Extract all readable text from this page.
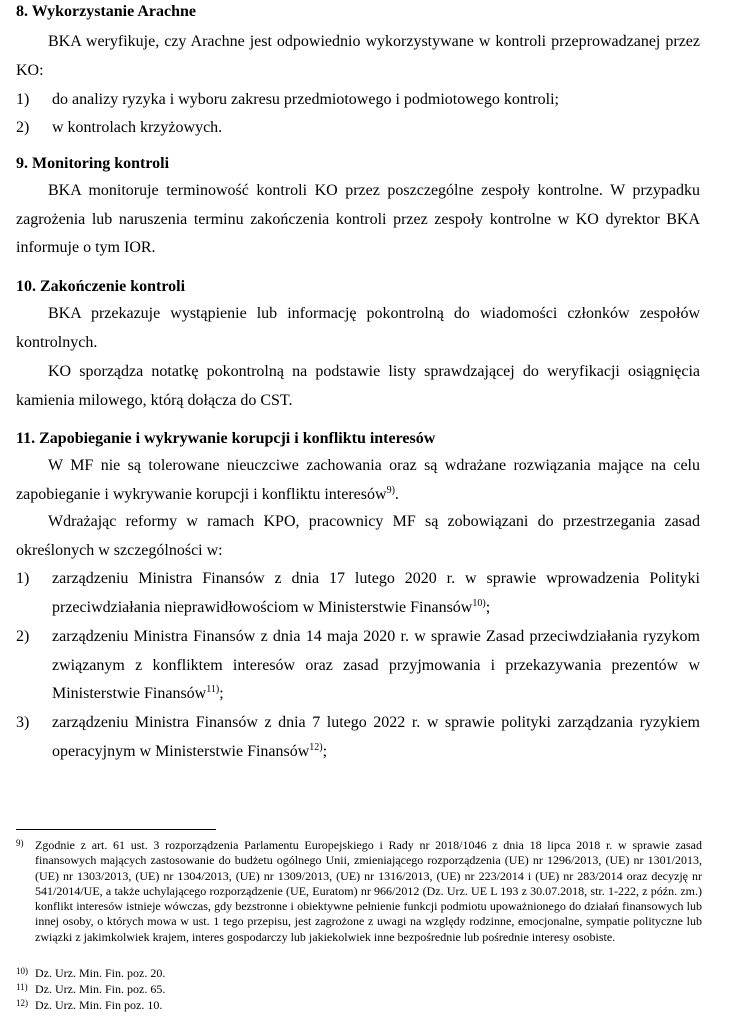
8. Wykorzystanie Arachne
BKA weryfikuje, czy Arachne jest odpowiednio wykorzystywane w kontroli przeprowadzanej przez KO:
1) do analizy ryzyka i wyboru zakresu przedmiotowego i podmiotowego kontroli;
2) w kontrolach krzyżowych.
9. Monitoring kontroli
BKA monitoruje terminowość kontroli KO przez poszczególne zespoły kontrolne. W przypadku zagrożenia lub naruszenia terminu zakończenia kontroli przez zespoły kontrolne w KO dyrektor BKA informuje o tym IOR.
10. Zakończenie kontroli
BKA przekazuje wystąpienie lub informację pokontrolną do wiadomości członków zespołów kontrolnych.
KO sporządza notatkę pokontrolną na podstawie listy sprawdzającej do weryfikacji osiągnięcia kamienia milowego, którą dołącza do CST.
11. Zapobieganie i wykrywanie korupcji i konfliktu interesów
W MF nie są tolerowane nieuczciwe zachowania oraz są wdrażane rozwiązania mające na celu zapobieganie i wykrywanie korupcji i konfliktu interesów$^{9)}$.
Wdrażając reformy w ramach KPO, pracownicy MF są zobowiązani do przestrzegania zasad określonych w szczególności w:
1) zarządzeniu Ministra Finansów z dnia 17 lutego 2020 r. w sprawie wprowadzenia Polityki przeciwdziałania nieprawidłowościom w Ministerstwie Finansów$^{10)}$;
2) zarządzeniu Ministra Finansów z dnia 14 maja 2020 r. w sprawie Zasad przeciwdziałania ryzykom związanym z konfliktem interesów oraz zasad przyjmowania i przekazywania prezentów w Ministerstwie Finansów$^{11)}$;
3) zarządzeniu Ministra Finansów z dnia 7 lutego 2022 r. w sprawie polityki zarządzania ryzykiem operacyjnym w Ministerstwie Finansów$^{12)}$;
9) Zgodnie z art. 61 ust. 3 rozporządzenia Parlamentu Europejskiego i Rady nr 2018/1046 z dnia 18 lipca 2018 r. w sprawie zasad finansowych mających zastosowanie do budżetu ogólnego Unii, zmieniającego rozporządzenia (UE) nr 1296/2013, (UE) nr 1301/2013, (UE) nr 1303/2013, (UE) nr 1304/2013, (UE) nr 1309/2013, (UE) nr 1316/2013, (UE) nr 223/2014 i (UE) nr 283/2014 oraz decyzję nr 541/2014/UE, a także uchylającego rozporządzenie (UE, Euratom) nr 966/2012 (Dz. Urz. UE L 193 z 30.07.2018, str. 1-222, z późn. zm.) konflikt interesów istnieje wówczas, gdy bezstronne i obiektywne pełnienie funkcji podmiotu upoważnionego do działań finansowych lub innej osoby, o których mowa w ust. 1 tego przepisu, jest zagrożone z uwagi na względy rodzinne, emocjonalne, sympatie polityczne lub związki z jakimkolwiek krajem, interes gospodarczy lub jakiekolwiek inne bezpośrednie lub pośrednie interesy osobiste.
10) Dz. Urz. Min. Fin. poz. 20.
11) Dz. Urz. Min. Fin. poz. 65.
12) Dz. Urz. Min. Fin poz. 10.
